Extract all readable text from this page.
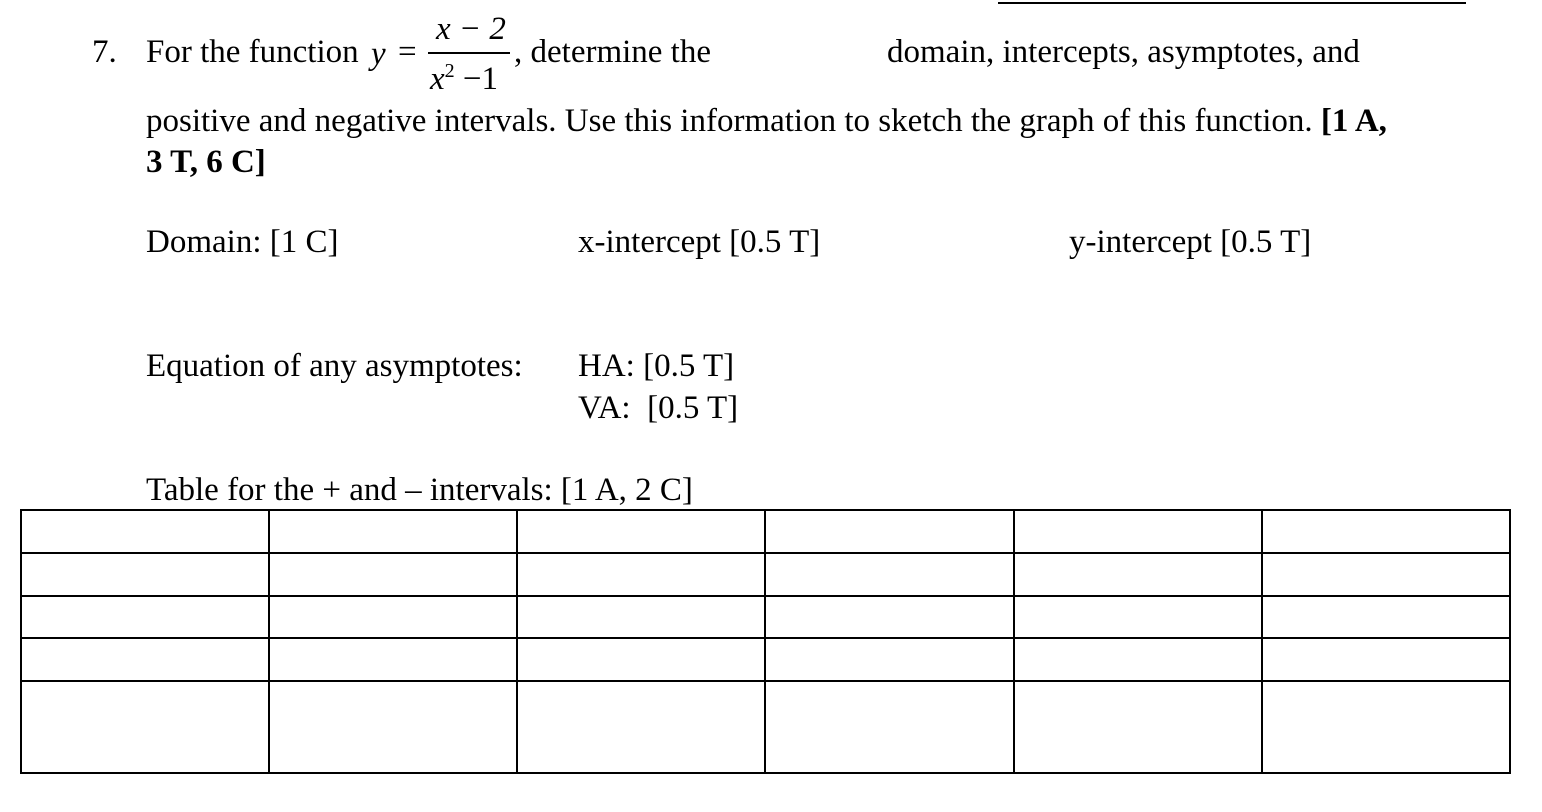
7. For the function y =
x − 2
$x^2 -1$
, determine the	domain, intercepts, asymptotes, and
positive and negative intervals. Use this information to sketch the graph of this function. [1 A,
3 T, 6 C]
Domain: [1 C]	x-intercept [0.5 T]	y-intercept [0.5 T]
Equation of any asymptotes: HA: [0.5 T]
VA:  [0.5 T]
Table for the + and – intervals: [1 A, 2 C]
